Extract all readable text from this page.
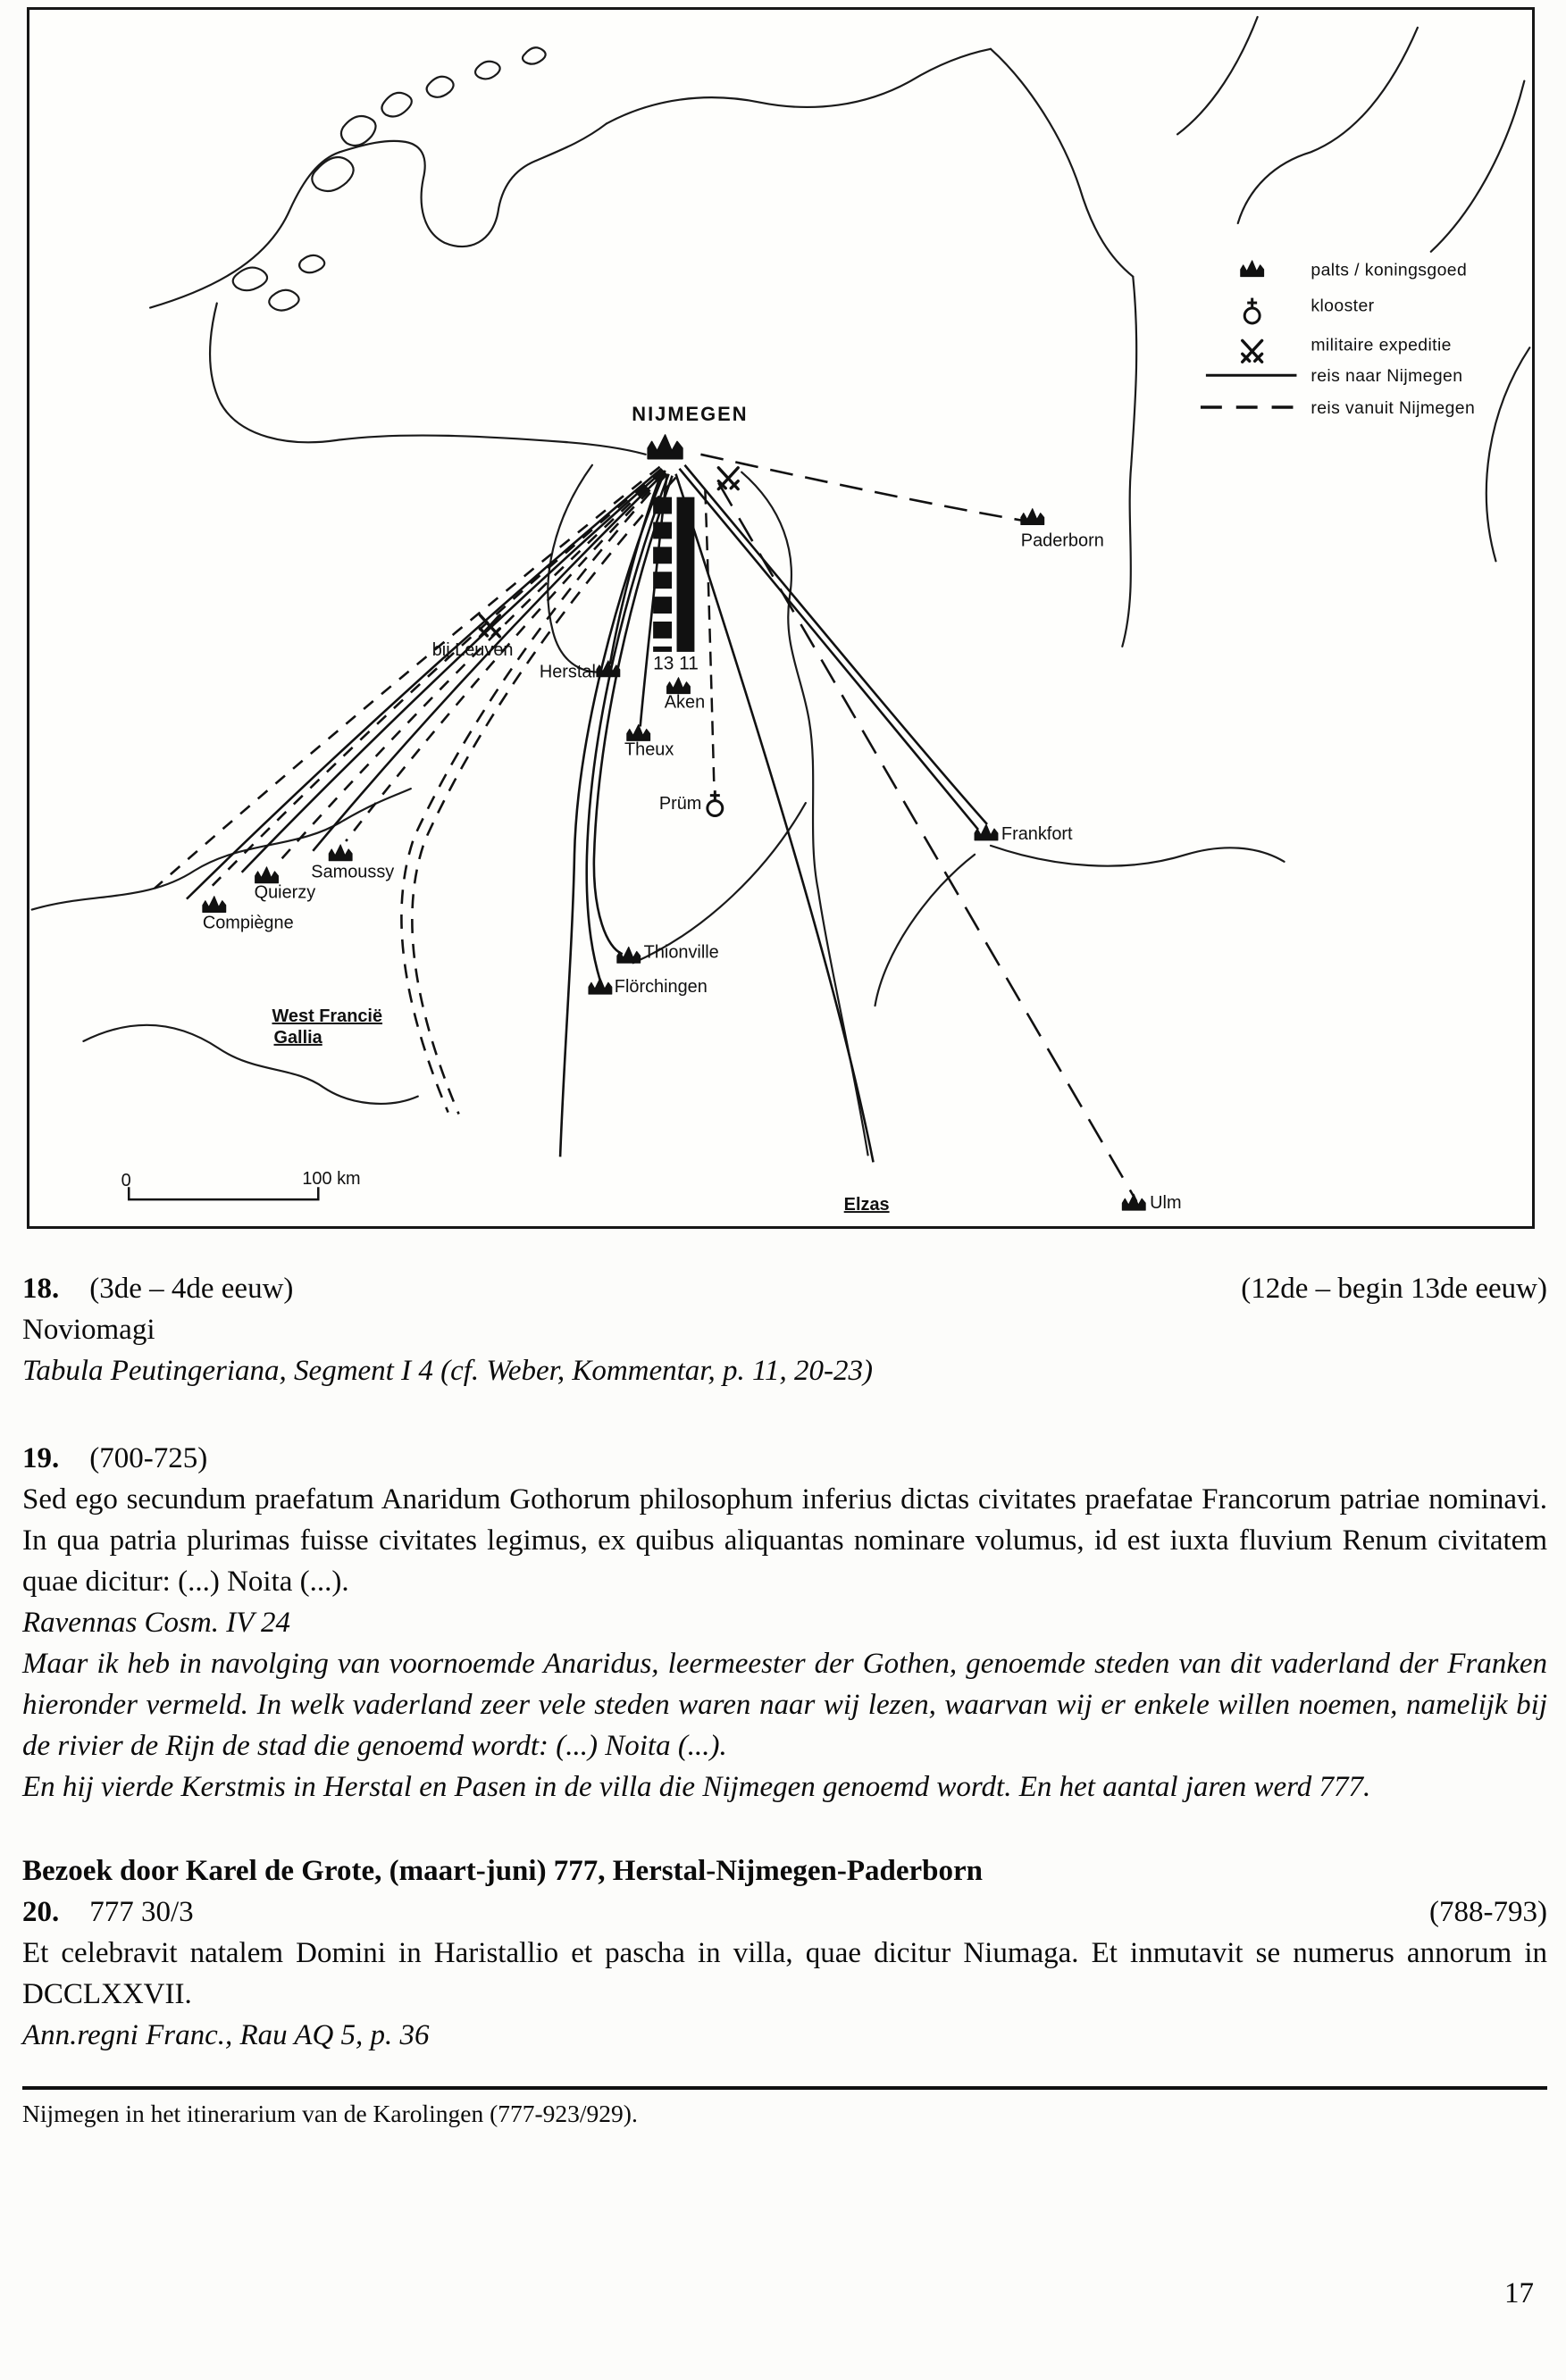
13 11
0	100 km
NIJMEGEN
Paderborn
bij Leuven
Herstal
Aken
Theux
Prüm
Frankfort
Samoussy
Quierzy
Compiègne
Thionville
Flörchingen
Ulm
West Francië
Gallia
Elzas
palts / koningsgoed
klooster
militaire expeditie
reis naar Nijmegen
reis vanuit Nijmegen
18. (3de – 4de eeuw)	(12de – begin 13de eeuw)
Noviomagi
Tabula Peutingeriana, Segment I 4 (cf. Weber, Kommentar, p. 11, 20-23)
19. (700-725)
Sed ego secundum praefatum Anaridum Gothorum philosophum inferius dictas civitates praefatae Francorum patriae nominavi. In qua patria plurimas fuisse civitates legimus, ex quibus aliquantas nominare volumus, id est iuxta fluvium Renum civitatem quae dicitur: (...) Noita (...).
Ravennas Cosm. IV 24
Maar ik heb in navolging van voornoemde Anaridus, leermeester der Gothen, genoemde steden van dit vaderland der Franken hieronder vermeld. In welk vaderland zeer vele steden waren naar wij lezen, waarvan wij er enkele willen noemen, namelijk bij de rivier de Rijn de stad die genoemd wordt: (...) Noita (...).
En hij vierde Kerstmis in Herstal en Pasen in de villa die Nijmegen genoemd wordt. En het aantal jaren werd 777.
Bezoek door Karel de Grote, (maart-juni) 777, Herstal-Nijmegen-Paderborn
20. 777 30/3	(788-793)
Et celebravit natalem Domini in Haristallio et pascha in villa, quae dicitur Niumaga. Et inmutavit se numerus annorum in DCCLXXVII.
Ann.regni Franc., Rau AQ 5, p. 36
Nijmegen in het itinerarium van de Karolingen (777-923/929).
17
